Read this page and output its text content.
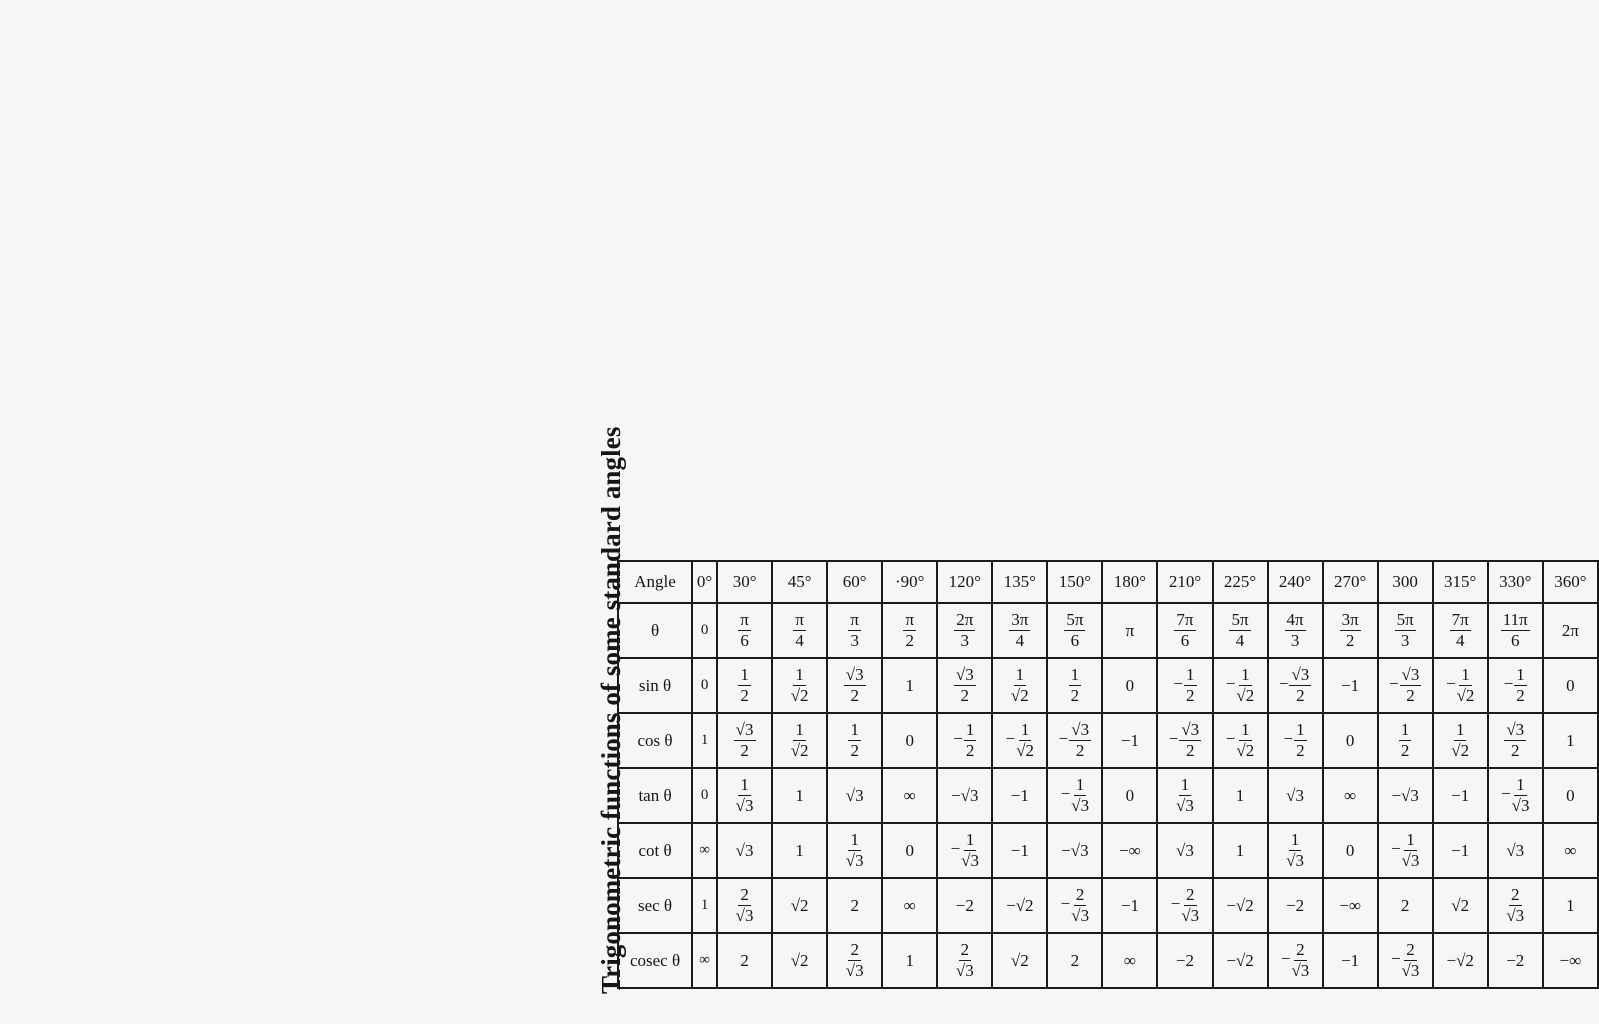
Trigonometric functions of some standard angles Angle	0°	30°	45°	60°	·90°	120°	135°	150°	180°	210°	225°	240°	270°	300	315°	330°	360°
θ	0	$\frac{\pi}{6}$	$\frac{\pi}{4}$	$\frac{\pi}{3}$	$\frac{\pi}{2}$	$\frac{2\pi}{3}$	$\frac{3\pi}{4}$	$\frac{5\pi}{6}$	π	$\frac{7\pi}{6}$	$\frac{5\pi}{4}$	$\frac{4\pi}{3}$	$\frac{3\pi}{2}$	$\frac{5\pi}{3}$	$\frac{7\pi}{4}$	$\frac{11\pi}{6}$	2π
sin θ	0	$\frac{1}{2}$	$\frac{1}{√2}$	$\frac{√3}{2}$	1	$\frac{√3}{2}$	$\frac{1}{√2}$	$\frac{1}{2}$	0	− $\frac{1}{2}$	− $\frac{1}{√2}$	− $\frac{√3}{2}$	−1	− $\frac{√3}{2}$	− $\frac{1}{√2}$	− $\frac{1}{2}$	0
cos θ	1	$\frac{√3}{2}$	$\frac{1}{√2}$	$\frac{1}{2}$	0	− $\frac{1}{2}$	− $\frac{1}{√2}$	− $\frac{√3}{2}$	−1	− $\frac{√3}{2}$	− $\frac{1}{√2}$	− $\frac{1}{2}$	0	$\frac{1}{2}$	$\frac{1}{√2}$	$\frac{√3}{2}$	1
tan θ	0	$\frac{1}{√3}$	1	√3	∞	−√3	−1	− $\frac{1}{√3}$	0	$\frac{1}{√3}$	1	√3	∞	−√3	−1	− $\frac{1}{√3}$	0
cot θ	∞	√3	1	$\frac{1}{√3}$	0	− $\frac{1}{√3}$	−1	−√3	−∞	√3	1	$\frac{1}{√3}$	0	− $\frac{1}{√3}$	−1	√3	∞
sec θ	1	$\frac{2}{√3}$	√2	2	∞	−2	−√2	− $\frac{2}{√3}$	−1	− $\frac{2}{√3}$	−√2	−2	−∞	2	√2	$\frac{2}{√3}$	1
cosec θ	∞	2	√2	$\frac{2}{√3}$	1	$\frac{2}{√3}$	√2	2	∞	−2	−√2	− $\frac{2}{√3}$	−1	− $\frac{2}{√3}$	−√2	−2	−∞
